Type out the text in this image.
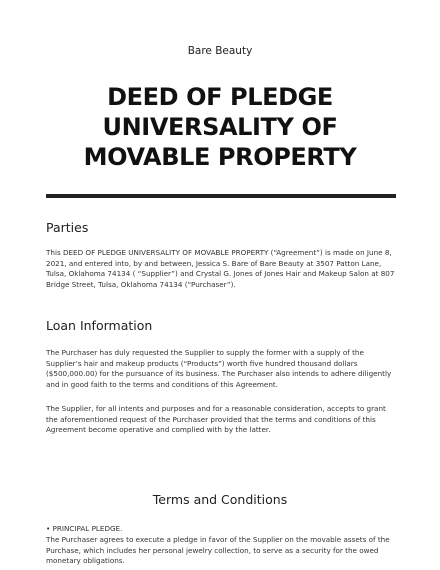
Bare Beauty
DEED OF PLEDGE
UNIVERSALITY OF
MOVABLE PROPERTY
Parties
This DEED OF PLEDGE UNIVERSALITY OF MOVABLE PROPERTY (“Agreement”) is made on June 8, 2021, and entered into, by and between, Jessica S. Bare of Bare Beauty at 3507 Patton Lane, Tulsa, Oklahoma 74134 ( “Supplier”) and Crystal G. Jones of Jones Hair and Makeup Salon at 807 Bridge Street, Tulsa, Oklahoma 74134 (“Purchaser”).
Loan Information
The Purchaser has duly requested the Supplier to supply the former with a supply of the Supplier’s hair and makeup products (“Products”) worth five hundred thousand dollars ($500,000.00) for the pursuance of its business. The Purchaser also intends to adhere diligently and in good faith to the terms and conditions of this Agreement.
The Supplier, for all intents and purposes and for a reasonable consideration, accepts to grant the aforementioned request of the Purchaser provided that the terms and conditions of this Agreement become operative and complied with by the latter.
Terms and Conditions
• PRINCIPAL PLEDGE.
The Purchaser agrees to execute a pledge in favor of the Supplier on the movable assets of the Purchase, which includes her personal jewelry collection, to serve as a security for the owed monetary obligations.
